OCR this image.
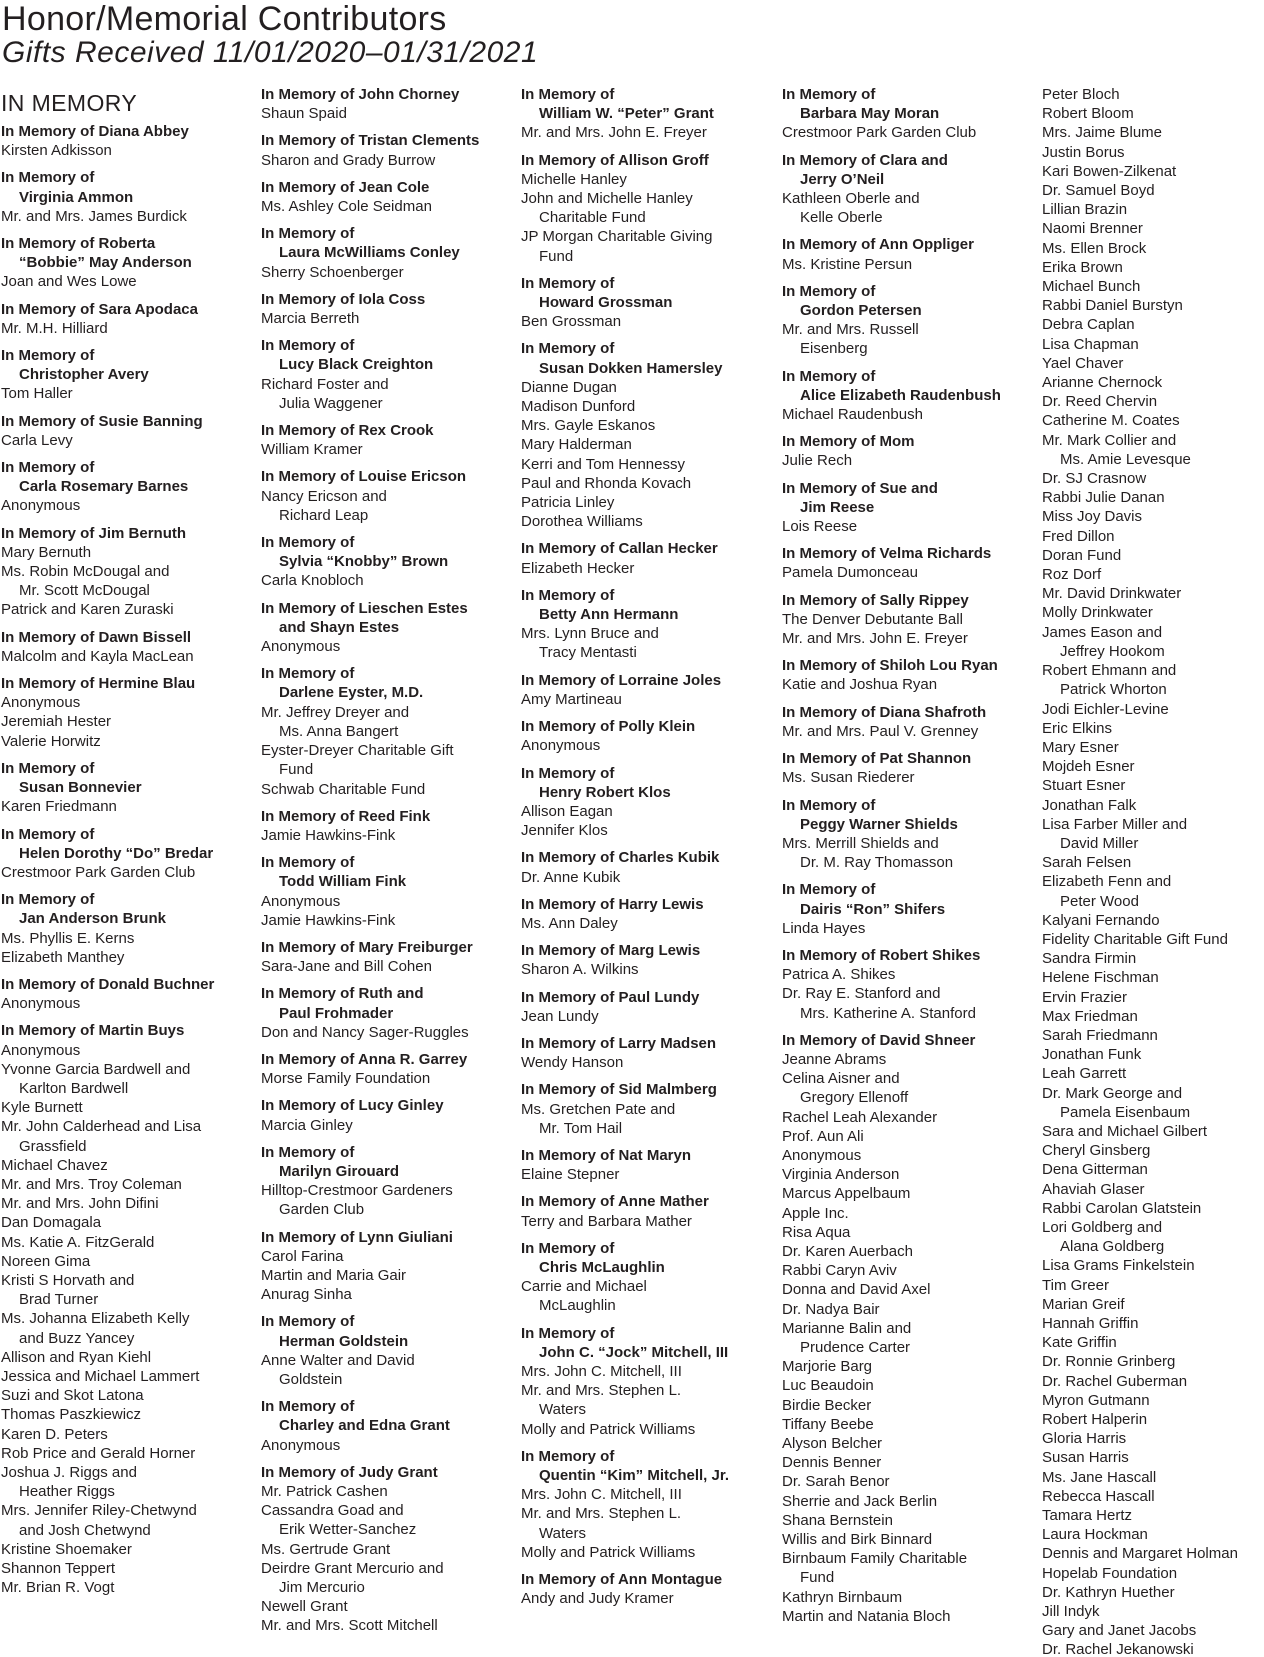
Honor/Memorial Contributors
Gifts Received 11/01/2020–01/31/2021

IN MEMORY

In Memory of Diana Abbey

Kirsten Adkisson

In Memory of

Virginia Ammon

Mr. and Mrs. James Burdick

In Memory of Roberta

“Bobbie” May Anderson

Joan and Wes Lowe

In Memory of Sara Apodaca

Mr. M.H. Hilliard

In Memory of

Christopher Avery

Tom Haller

In Memory of Susie Banning

Carla Levy

In Memory of

Carla Rosemary Barnes

Anonymous

In Memory of Jim Bernuth

Mary Bernuth

Ms. Robin McDougal and

Mr. Scott McDougal

Patrick and Karen Zuraski

In Memory of Dawn Bissell

Malcolm and Kayla MacLean

In Memory of Hermine Blau

Anonymous

Jeremiah Hester

Valerie Horwitz

In Memory of

Susan Bonnevier

Karen Friedmann

In Memory of

Helen Dorothy “Do” Bredar

Crestmoor Park Garden Club

In Memory of

Jan Anderson Brunk

Ms. Phyllis E. Kerns

Elizabeth Manthey

In Memory of Donald Buchner

Anonymous

In Memory of Martin Buys

Anonymous

Yvonne Garcia Bardwell and

Karlton Bardwell

Kyle Burnett

Mr. John Calderhead and Lisa

Grassfield

Michael Chavez

Mr. and Mrs. Troy Coleman

Mr. and Mrs. John Difini

Dan Domagala

Ms. Katie A. FitzGerald

Noreen Gima

Kristi S Horvath and

Brad Turner

Ms. Johanna Elizabeth Kelly

and Buzz Yancey

Allison and Ryan Kiehl

Jessica and Michael Lammert

Suzi and Skot Latona

Thomas Paszkiewicz

Karen D. Peters

Rob Price and Gerald Horner

Joshua J. Riggs and

Heather Riggs

Mrs. Jennifer Riley-Chetwynd

and Josh Chetwynd

Kristine Shoemaker

Shannon Teppert

Mr. Brian R. Vogt

In Memory of John Chorney

Shaun Spaid

In Memory of Tristan Clements

Sharon and Grady Burrow

In Memory of Jean Cole

Ms. Ashley Cole Seidman

In Memory of

Laura McWilliams Conley

Sherry Schoenberger

In Memory of Iola Coss

Marcia Berreth

In Memory of

Lucy Black Creighton

Richard Foster and

Julia Waggener

In Memory of Rex Crook

William Kramer

In Memory of Louise Ericson

Nancy Ericson and

Richard Leap

In Memory of

Sylvia “Knobby” Brown

Carla Knobloch

In Memory of Lieschen Estes

and Shayn Estes

Anonymous

In Memory of

Darlene Eyster, M.D.

Mr. Jeffrey Dreyer and

Ms. Anna Bangert

Eyster-Dreyer Charitable Gift

Fund

Schwab Charitable Fund

In Memory of Reed Fink

Jamie Hawkins-Fink

In Memory of

Todd William Fink

Anonymous

Jamie Hawkins-Fink

In Memory of Mary Freiburger

Sara-Jane and Bill Cohen

In Memory of Ruth and

Paul Frohmader

Don and Nancy Sager-Ruggles

In Memory of Anna R. Garrey

Morse Family Foundation

In Memory of Lucy Ginley

Marcia Ginley

In Memory of

Marilyn Girouard

Hilltop-Crestmoor Gardeners

Garden Club

In Memory of Lynn Giuliani

Carol Farina

Martin and Maria Gair

Anurag Sinha

In Memory of

Herman Goldstein

Anne Walter and David

Goldstein

In Memory of

Charley and Edna Grant

Anonymous

In Memory of Judy Grant

Mr. Patrick Cashen

Cassandra Goad and

Erik Wetter-Sanchez

Ms. Gertrude Grant

Deirdre Grant Mercurio and

Jim Mercurio

Newell Grant

Mr. and Mrs. Scott Mitchell

In Memory of

William W. “Peter” Grant

Mr. and Mrs. John E. Freyer

In Memory of Allison Groff

Michelle Hanley

John and Michelle Hanley

Charitable Fund

JP Morgan Charitable Giving

Fund

In Memory of

Howard Grossman

Ben Grossman

In Memory of

Susan Dokken Hamersley

Dianne Dugan

Madison Dunford

Mrs. Gayle Eskanos

Mary Halderman

Kerri and Tom Hennessy

Paul and Rhonda Kovach

Patricia Linley

Dorothea Williams

In Memory of Callan Hecker

Elizabeth Hecker

In Memory of

Betty Ann Hermann

Mrs. Lynn Bruce and

Tracy Mentasti

In Memory of Lorraine Joles

Amy Martineau

In Memory of Polly Klein

Anonymous

In Memory of

Henry Robert Klos

Allison Eagan

Jennifer Klos

In Memory of Charles Kubik

Dr. Anne Kubik

In Memory of Harry Lewis

Ms. Ann Daley

In Memory of Marg Lewis

Sharon A. Wilkins

In Memory of Paul Lundy

Jean Lundy

In Memory of Larry Madsen

Wendy Hanson

In Memory of Sid Malmberg

Ms. Gretchen Pate and

Mr. Tom Hail

In Memory of Nat Maryn

Elaine Stepner

In Memory of Anne Mather

Terry and Barbara Mather

In Memory of

Chris McLaughlin

Carrie and Michael

McLaughlin

In Memory of

John C. “Jock” Mitchell, III

Mrs. John C. Mitchell, III

Mr. and Mrs. Stephen L.

Waters

Molly and Patrick Williams

In Memory of

Quentin “Kim” Mitchell, Jr.

Mrs. John C. Mitchell, III

Mr. and Mrs. Stephen L.

Waters

Molly and Patrick Williams

In Memory of Ann Montague

Andy and Judy Kramer

In Memory of

Barbara May Moran

Crestmoor Park Garden Club

In Memory of Clara and

Jerry O’Neil

Kathleen Oberle and

Kelle Oberle

In Memory of Ann Oppliger

Ms. Kristine Persun

In Memory of

Gordon Petersen

Mr. and Mrs. Russell

Eisenberg

In Memory of

Alice Elizabeth Raudenbush

Michael Raudenbush

In Memory of Mom

Julie Rech

In Memory of Sue and

Jim Reese

Lois Reese

In Memory of Velma Richards

Pamela Dumonceau

In Memory of Sally Rippey

The Denver Debutante Ball

Mr. and Mrs. John E. Freyer

In Memory of Shiloh Lou Ryan

Katie and Joshua Ryan

In Memory of Diana Shafroth

Mr. and Mrs. Paul V. Grenney

In Memory of Pat Shannon

Ms. Susan Riederer

In Memory of

Peggy Warner Shields

Mrs. Merrill Shields and

Dr. M. Ray Thomasson

In Memory of

Dairis “Ron” Shifers

Linda Hayes

In Memory of Robert Shikes

Patrica A. Shikes

Dr. Ray E. Stanford and

Mrs. Katherine A. Stanford

In Memory of David Shneer

Jeanne Abrams

Celina Aisner and

Gregory Ellenoff

Rachel Leah Alexander

Prof. Aun Ali

Anonymous

Virginia Anderson

Marcus Appelbaum

Apple Inc.

Risa Aqua

Dr. Karen Auerbach

Rabbi Caryn Aviv

Donna and David Axel

Dr. Nadya Bair

Marianne Balin and

Prudence Carter

Marjorie Barg

Luc Beaudoin

Birdie Becker

Tiffany Beebe

Alyson Belcher

Dennis Benner

Dr. Sarah Benor

Sherrie and Jack Berlin

Shana Bernstein

Willis and Birk Binnard

Birnbaum Family Charitable

Fund

Kathryn Birnbaum

Martin and Natania Bloch

Peter Bloch

Robert Bloom

Mrs. Jaime Blume

Justin Borus

Kari Bowen-Zilkenat

Dr. Samuel Boyd

Lillian Brazin

Naomi Brenner

Ms. Ellen Brock

Erika Brown

Michael Bunch

Rabbi Daniel Burstyn

Debra Caplan

Lisa Chapman

Yael Chaver

Arianne Chernock

Dr. Reed Chervin

Catherine M. Coates

Mr. Mark Collier and

Ms. Amie Levesque

Dr. SJ Crasnow

Rabbi Julie Danan

Miss Joy Davis

Fred Dillon

Doran Fund

Roz Dorf

Mr. David Drinkwater

Molly Drinkwater

James Eason and

Jeffrey Hookom

Robert Ehmann and

Patrick Whorton

Jodi Eichler-Levine

Eric Elkins

Mary Esner

Mojdeh Esner

Stuart Esner

Jonathan Falk

Lisa Farber Miller and

David Miller

Sarah Felsen

Elizabeth Fenn and

Peter Wood

Kalyani Fernando

Fidelity Charitable Gift Fund

Sandra Firmin

Helene Fischman

Ervin Frazier

Max Friedman

Sarah Friedmann

Jonathan Funk

Leah Garrett

Dr. Mark George and

Pamela Eisenbaum

Sara and Michael Gilbert

Cheryl Ginsberg

Dena Gitterman

Ahaviah Glaser

Rabbi Carolan Glatstein

Lori Goldberg and

Alana Goldberg

Lisa Grams Finkelstein

Tim Greer

Marian Greif

Hannah Griffin

Kate Griffin

Dr. Ronnie Grinberg

Dr. Rachel Guberman

Myron Gutmann

Robert Halperin

Gloria Harris

Susan Harris

Ms. Jane Hascall

Rebecca Hascall

Tamara Hertz

Laura Hockman

Dennis and Margaret Holman

Hopelab Foundation

Dr. Kathryn Huether

Jill Indyk

Gary and Janet Jacobs

Dr. Rachel Jekanowski
